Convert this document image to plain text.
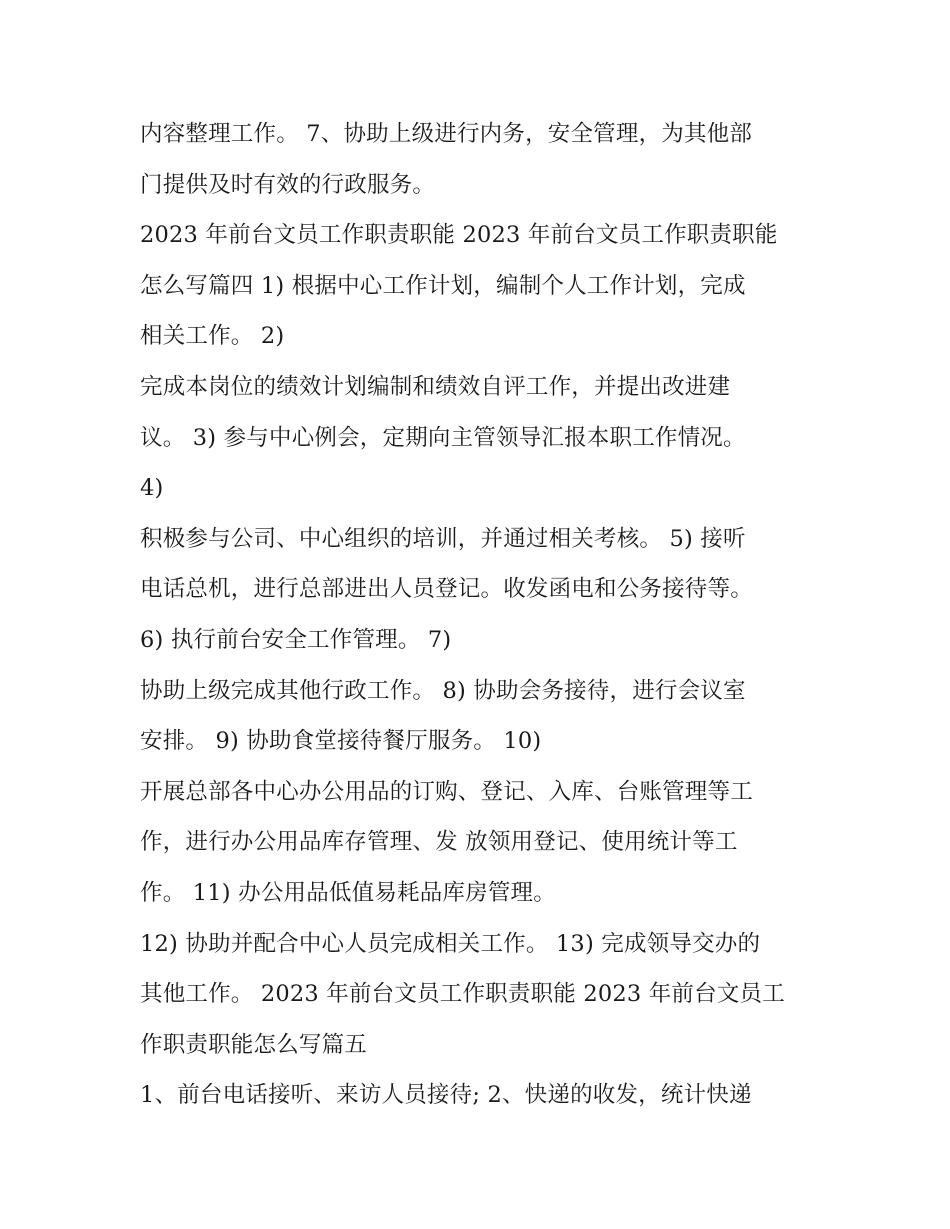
内容整理工作。 7、协助上级进行内务，安全管理，为其他部
门提供及时有效的行政服务。
2023 年前台文员工作职责职能 2023 年前台文员工作职责职能
怎么写篇四 1) 根据中心工作计划，编制个人工作计划，完成
相关工作。 2)
完成本岗位的绩效计划编制和绩效自评工作，并提出改进建
议。 3) 参与中心例会，定期向主管领导汇报本职工作情况。
4)
积极参与公司、中心组织的培训，并通过相关考核。 5) 接听
电话总机，进行总部进出人员登记。收发函电和公务接待等。
6) 执行前台安全工作管理。 7)
协助上级完成其他行政工作。 8) 协助会务接待，进行会议室
安排。 9) 协助食堂接待餐厅服务。 10)
开展总部各中心办公用品的订购、登记、入库、台账管理等工
作，进行办公用品库存管理、发 放领用登记、使用统计等工
作。 11) 办公用品低值易耗品库房管理。
12) 协助并配合中心人员完成相关工作。 13) 完成领导交办的
其他工作。 2023 年前台文员工作职责职能 2023 年前台文员工
作职责职能怎么写篇五
1、前台电话接听、来访人员接待; 2、快递的收发，统计快递
